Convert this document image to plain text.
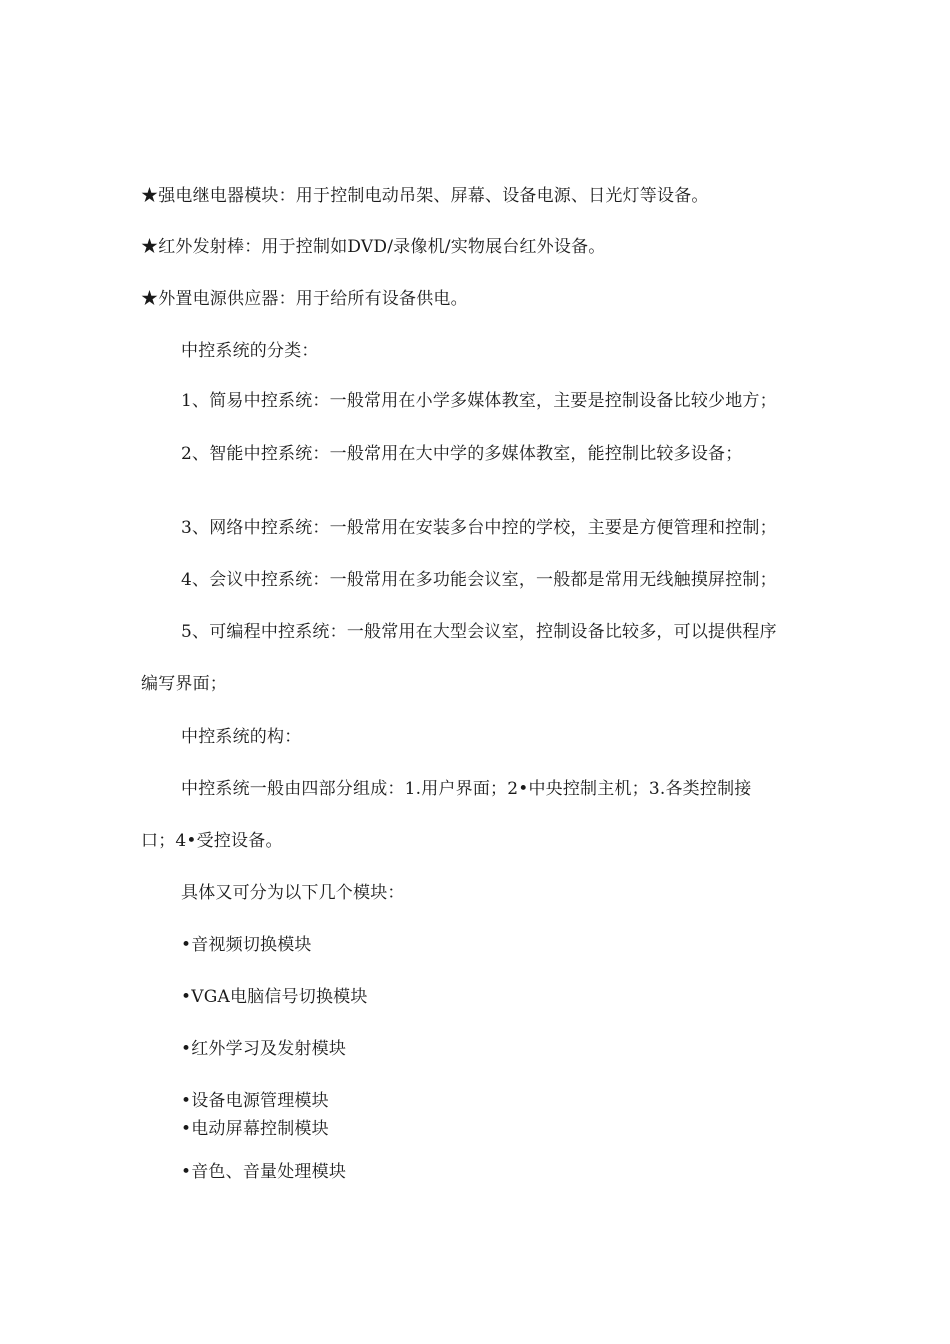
★强电继电器模块：用于控制电动吊架、屏幕、设备电源、日光灯等设备。
★红外发射棒：用于控制如DVD/录像机/实物展台红外设备。
★外置电源供应器：用于给所有设备供电。
中控系统的分类：
1、简易中控系统：一般常用在小学多媒体教室，主要是控制设备比较少地方；
2、智能中控系统：一般常用在大中学的多媒体教室，能控制比较多设备；
3、网络中控系统：一般常用在安装多台中控的学校，主要是方便管理和控制；
4、会议中控系统：一般常用在多功能会议室，一般都是常用无线触摸屏控制；
5、可编程中控系统：一般常用在大型会议室，控制设备比较多，可以提供程序
编写界面；
中控系统的构：
中控系统一般由四部分组成：1.用户界面；2•中央控制主机；3.各类控制接
口；4•受控设备。
具体又可分为以下几个模块：
•音视频切换模块
•VGA电脑信号切换模块
•红外学习及发射模块
•设备电源管理模块
•电动屏幕控制模块
•音色、音量处理模块
